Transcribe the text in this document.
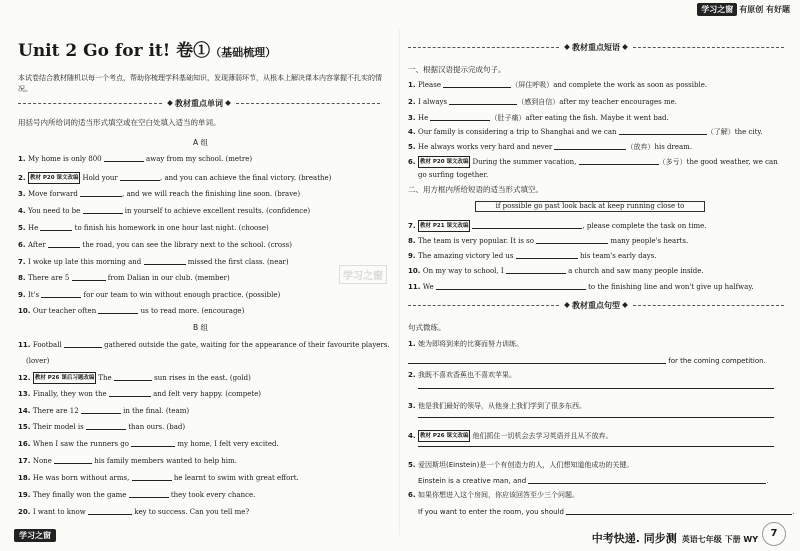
学习之窗 有原创 有好题
Unit 2 Go for it! 卷①（基础梳理）
本试卷结合教材随机以每一个考点，帮助你梳理学科基础知识，发现薄弱环节，从根本上解决课本内容掌握不扎实的情况。
教材重点单词
用括号内所给词的适当形式填空或在空白处填入适当的单词。
A 组
1. My home is only 800	away from my school. (metre)
2. 教材 P20 课文改编 Hold your	, and you can achieve the final victory. (breathe)
3. Move forward	, and we will reach the finishing line soon. (brave)
4. You need to be	in yourself to achieve excellent results. (confidence)
5. He	to finish his homework in one hour last night. (choose)
6. After	the road, you can see the library next to the school. (cross)
7. I woke up late this morning and	missed the first class. (near)
8. There are 5	from Dalian in our club. (member)
9. It's	for our team to win without enough practice. (possible)
10. Our teacher often	us to read more. (encourage)
11. Football	gathered outside the gate, waiting for the appearance of their favourite players.
(lover)
12. 教材 P26 课后习题改编 The	sun rises in the east. (gold)
13. Finally, they won the	and felt very happy. (compete)
14. There are 12	in the final. (team)
15. Their model is	than ours. (bad)
16. When I saw the runners go	my home, I felt very excited.
17. None	his family members wanted to help him.
18. He was born without arms,	he learnt to swim with great effort.
19. They finally won the game	they took every chance.
20. I want to know	key to success. Can you tell me?
B 组
学习之窗
教材重点短语
一、根据汉语提示完成句子。
二、用方框内所给短语的适当形式填空。
if possible go past look back at keep running close to
1. Please	（屏住呼吸）and complete the work as soon as possible.
2. I always	（感到自信）after my teacher encourages me.
3. He	（肚子痛）after eating the fish. Maybe it went bad.
4. Our family is considering a trip to Shanghai and we can	（了解）the city.
5. He always works very hard and never	（放弃）his dream.
6. 教材 P20 课文改编 During the summer vacation,	（多亏）the good weather, we can
go surfing together.
7. 教材 P21 课文改编	, please complete the task on time.
8. The team is very popular. It is so	many people's hearts.
9. The amazing victory led us	his team's early days.
10. On my way to school, I	a church and saw many people inside.
11. We	to the finishing line and won't give up halfway.
教材重点句型
句式微练。
1. 她为即将到来的比赛而努力训练。
for the coming competition.
2. 我既不喜欢香蕉也不喜欢苹果。
3. 他是我们最好的领导，从他身上我们学到了很多东西。
4. 教材 P26 课文改编 他们抓住一切机会去学习英语并且从不放弃。
5. 爱因斯坦(Einstein)是一个有创造力的人，人们想知道他成功的关键。
Einstein is a creative man, and	.
6. 如果你想进入这个房间，你应该回答至少三个问题。
If you want to enter the room, you should	.
学习之窗	中考快递. 同步测 英语七年级 下册 WY
7
